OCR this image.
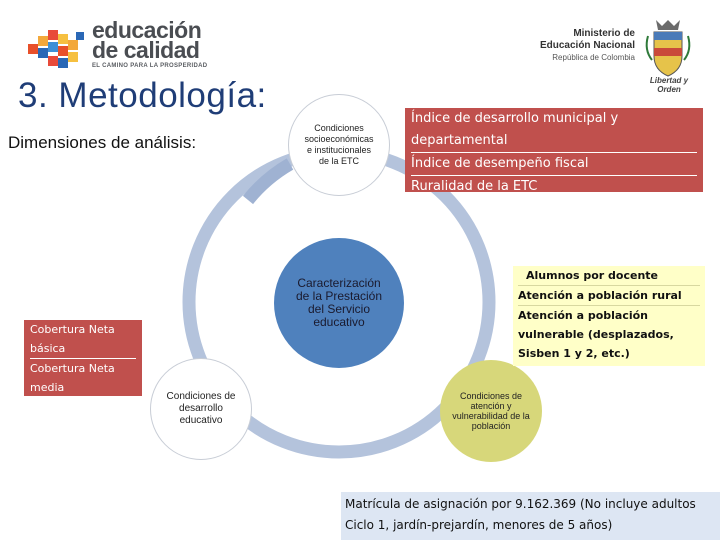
educación
de calidad
EL CAMINO PARA LA PROSPERIDAD
Ministerio de
Educación Nacional
República de Colombia
Libertad y Orden
3. Metodología:
Dimensiones de análisis:
Condiciones socioeconómicas e institucionales de la ETC
Caracterización de la Prestación del Servicio educativo
Condiciones de desarrollo educativo
Condiciones de atención y vulnerabilidad de la población
Índice de desarrollo municipal y
departamental
Índice de desempeño fiscal
Ruralidad de la ETC
Alumnos por docente
Atención a población rural
Atención a población vulnerable (desplazados, Sisben 1 y 2, etc.)
Cobertura Neta básica
Cobertura Neta media
Matrícula de asignación por 9.162.369 (No incluye adultos Ciclo 1, jardín-prejardín, menores de 5 años)
